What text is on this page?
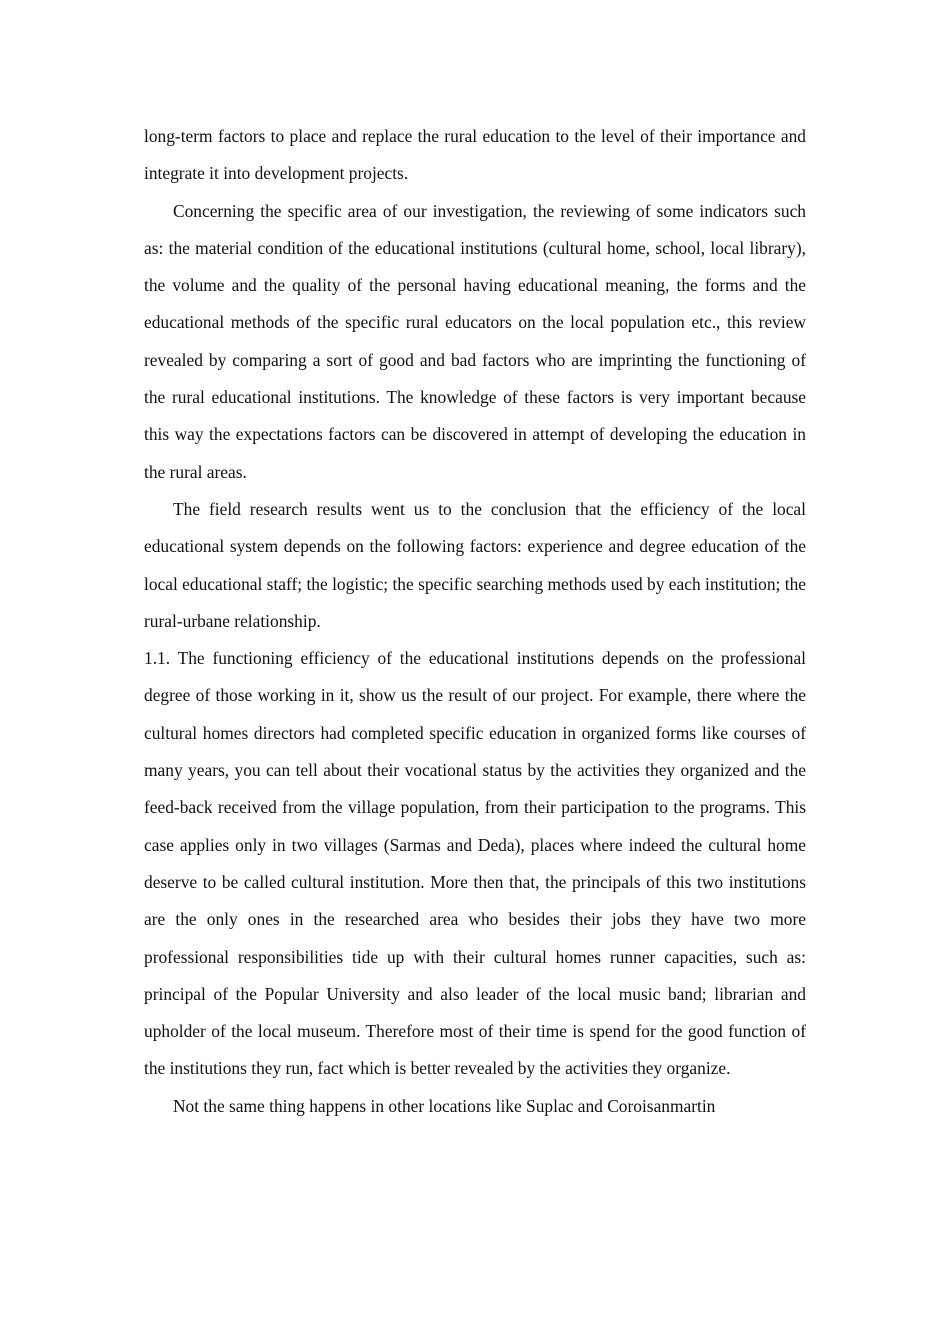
long-term factors to place and replace the rural education to the level of their importance and integrate it into development projects.

Concerning the specific area of our investigation, the reviewing of some indicators such as: the material condition of the educational institutions (cultural home, school, local library), the volume and the quality of the personal having educational meaning, the forms and the educational methods of the specific rural educators on the local population etc., this review revealed by comparing a sort of good and bad factors who are imprinting the functioning of the rural educational institutions. The knowledge of these factors is very important because this way the expectations factors can be discovered in attempt of developing the education in the rural areas.

The field research results went us to the conclusion that the efficiency of the local educational system depends on the following factors: experience and degree education of the local educational staff; the logistic; the specific searching methods used by each institution; the rural-urbane relationship.

1.1. The functioning efficiency of the educational institutions depends on the professional degree of those working in it, show us the result of our project. For example, there where the cultural homes directors had completed specific education in organized forms like courses of many years, you can tell about their vocational status by the activities they organized and the feed-back received from the village population, from their participation to the programs. This case applies only in two villages (Sarmas and Deda), places where indeed the cultural home deserve to be called cultural institution. More then that, the principals of this two institutions are the only ones in the researched area who besides their jobs they have two more professional responsibilities tide up with their cultural homes runner capacities, such as: principal of the Popular University and also leader of the local music band; librarian and upholder of the local museum. Therefore most of their time is spend for the good function of the institutions they run, fact which is better revealed by the activities they organize.

Not the same thing happens in other locations like Suplac and Coroisanmartin
